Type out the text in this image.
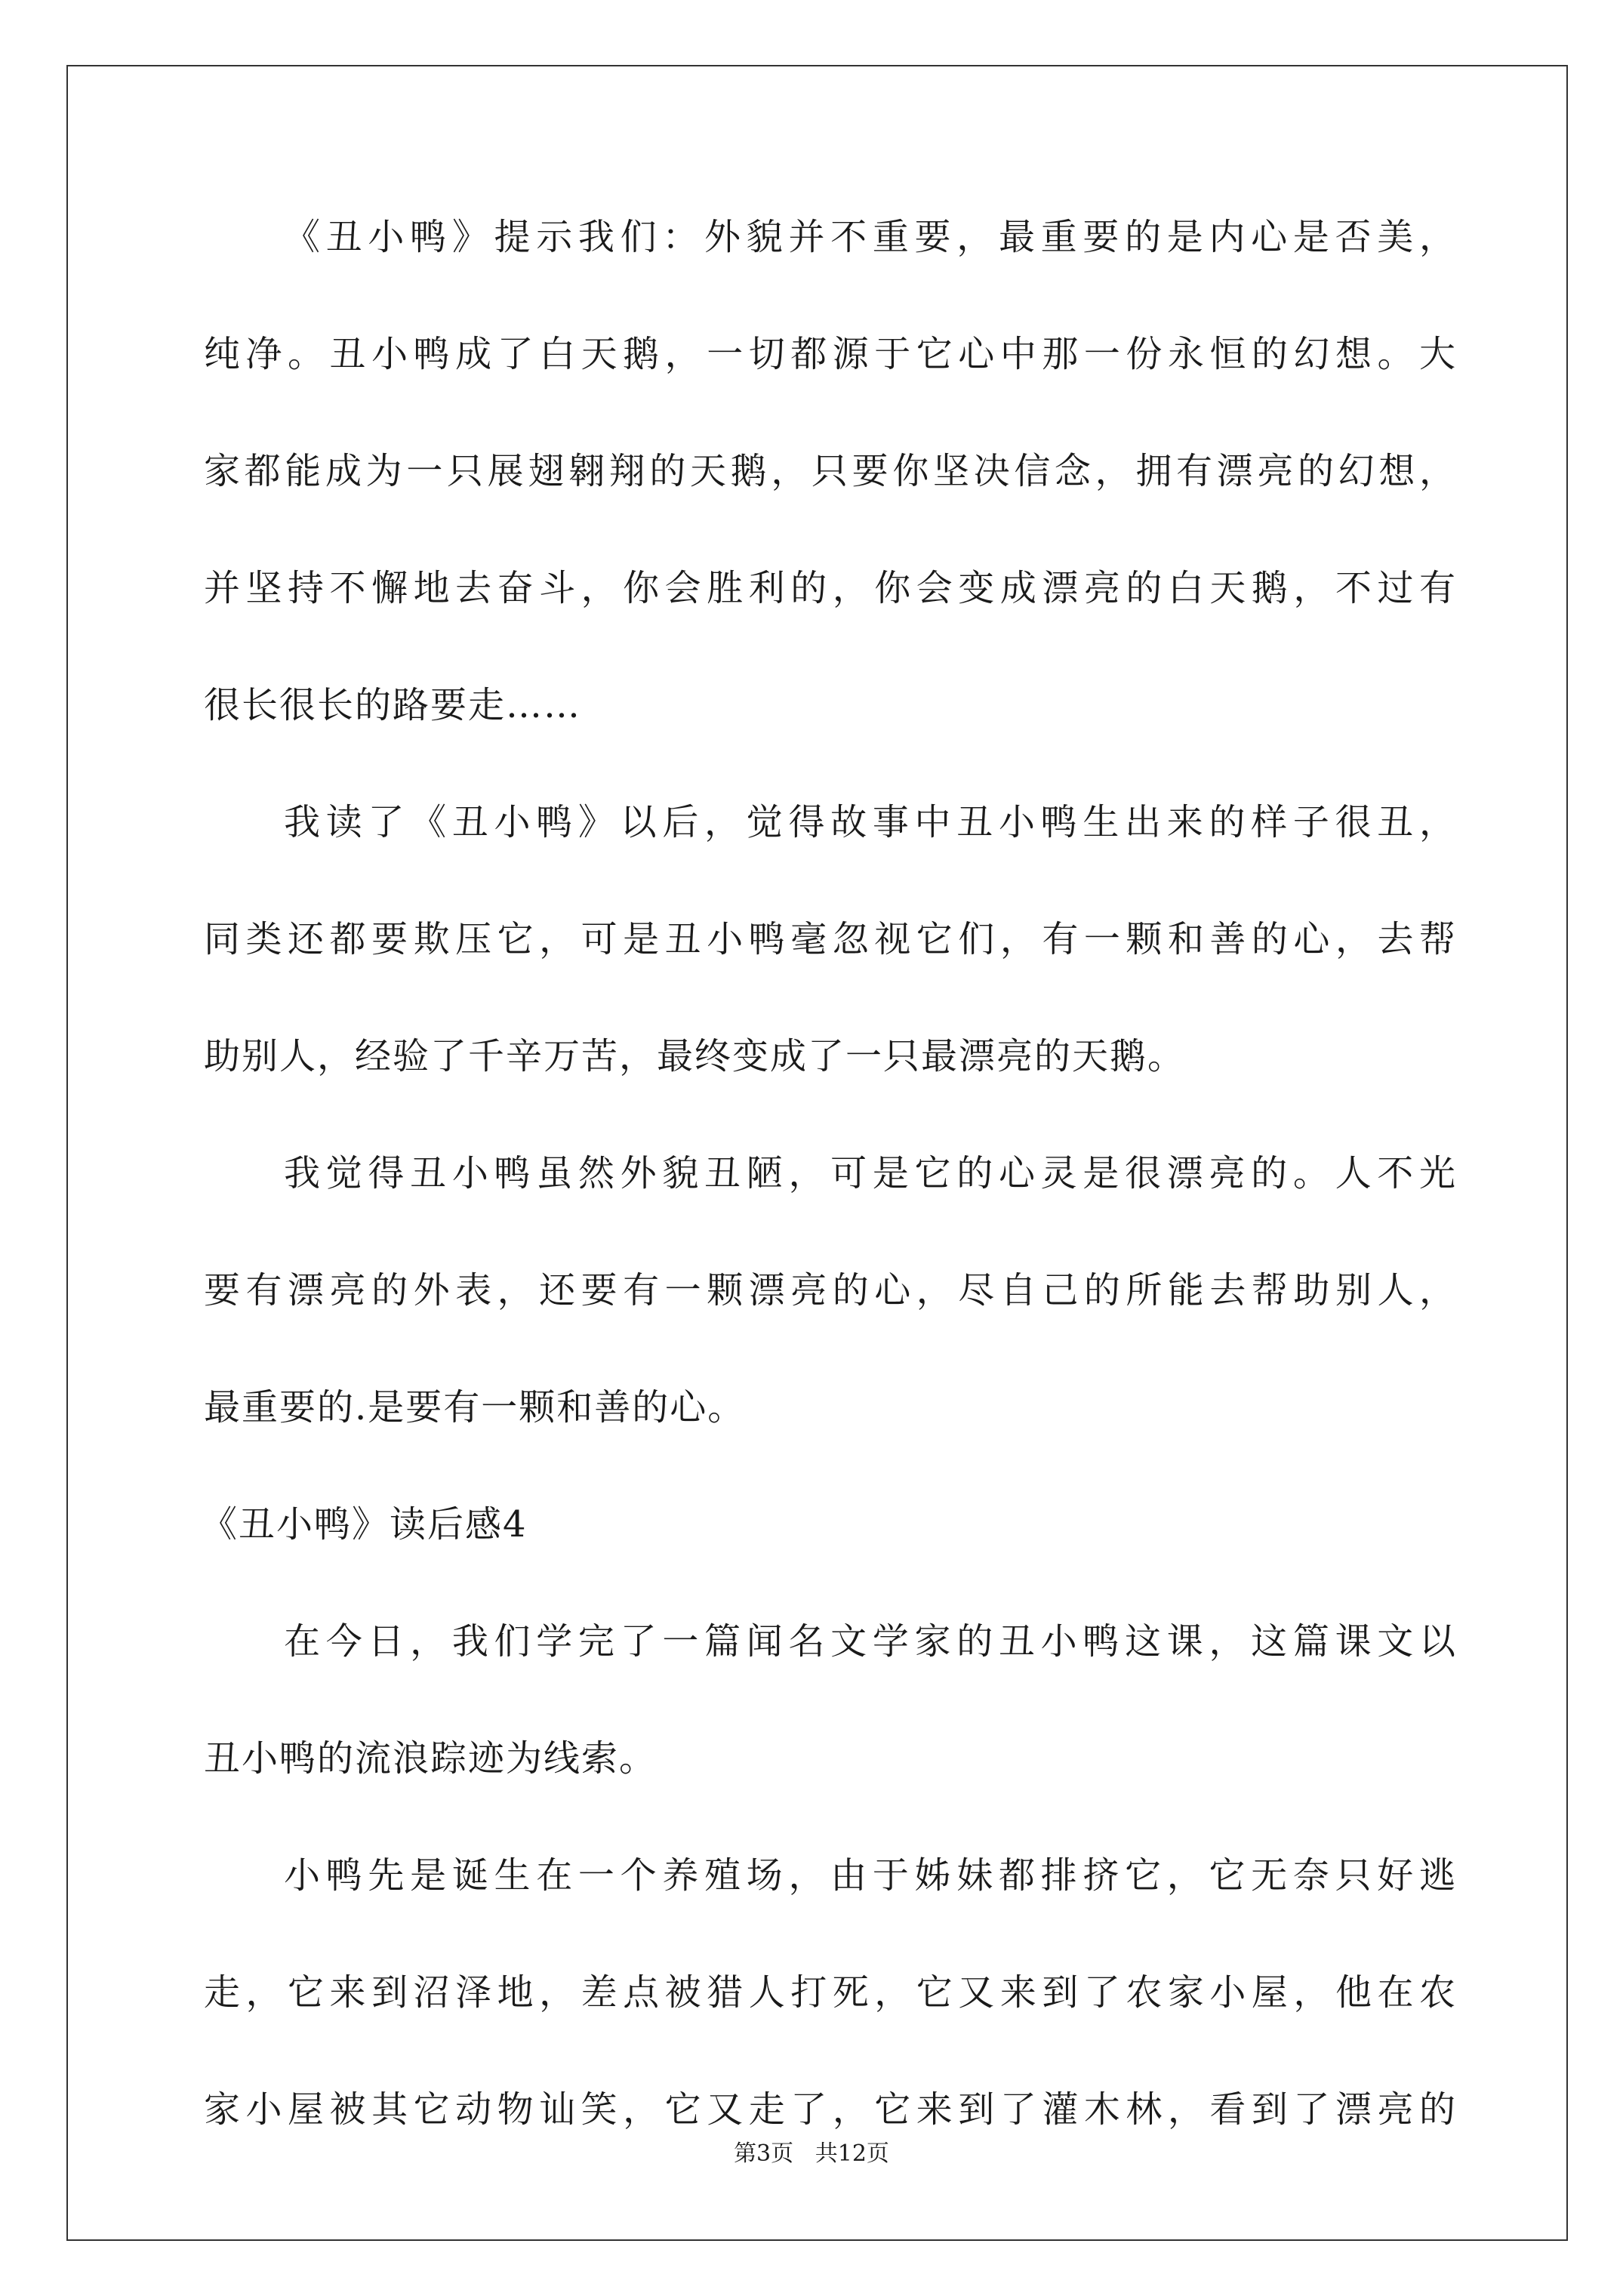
《丑小鸭》提示我们：外貌并不重要，最重要的是内心是否美，
纯净。丑小鸭成了白天鹅，一切都源于它心中那一份永恒的幻想。大
家都能成为一只展翅翱翔的天鹅，只要你坚决信念，拥有漂亮的幻想，
并坚持不懈地去奋斗，你会胜利的，你会变成漂亮的白天鹅，不过有
很长很长的路要走……
我读了《丑小鸭》以后，觉得故事中丑小鸭生出来的样子很丑，
同类还都要欺压它，可是丑小鸭毫忽视它们，有一颗和善的心，去帮
助别人，经验了千辛万苦，最终变成了一只最漂亮的天鹅。
我觉得丑小鸭虽然外貌丑陋，可是它的心灵是很漂亮的。人不光
要有漂亮的外表，还要有一颗漂亮的心，尽自己的所能去帮助别人，
最重要的.是要有一颗和善的心。
《丑小鸭》读后感4
在今日，我们学完了一篇闻名文学家的丑小鸭这课，这篇课文以
丑小鸭的流浪踪迹为线索。
小鸭先是诞生在一个养殖场，由于姊妹都排挤它，它无奈只好逃
走，它来到沼泽地，差点被猎人打死，它又来到了农家小屋，他在农
家小屋被其它动物讪笑，它又走了，它来到了灌木林，看到了漂亮的
第3页   共12页
